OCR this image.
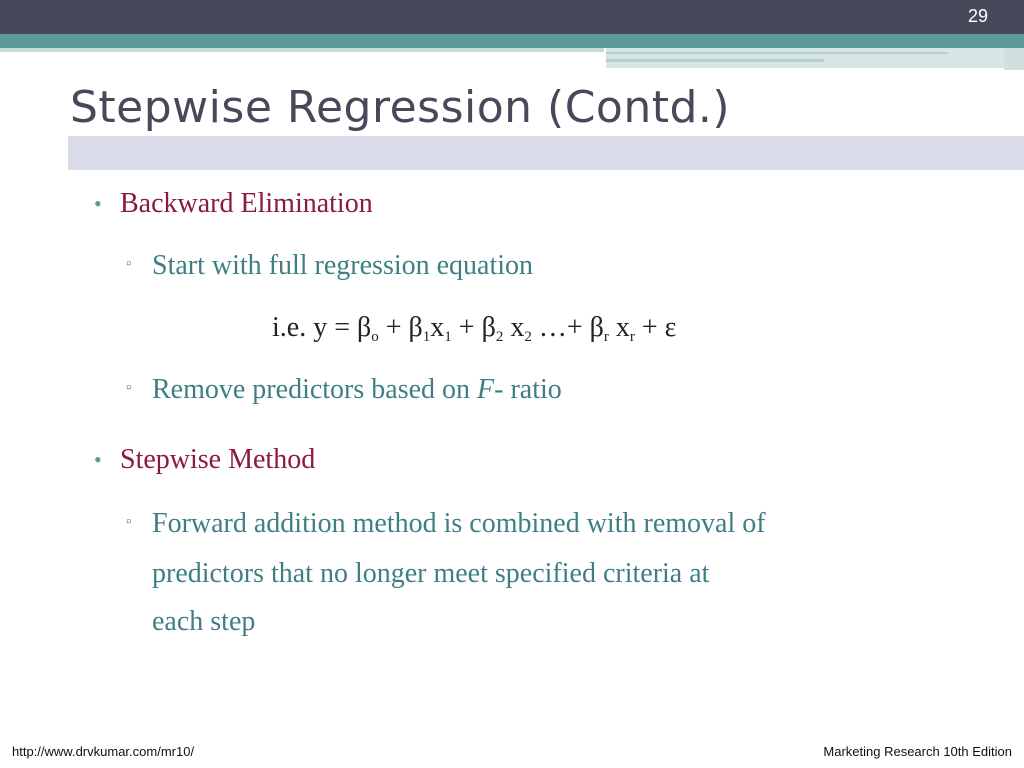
29
Stepwise Regression (Contd.)
• Backward Elimination
▫ Start with full regression equation
i.e. $y = \beta_o + \beta_1x_1 + \beta_2$ $x_2$ …+ $\beta_r$ $x_r + \varepsilon$
▫ Remove predictors based on F- ratio
• Stepwise Method
▫ Forward addition method is combined with removal of
predictors that no longer meet specified criteria at
each step
http://www.drvkumar.com/mr10/	Marketing Research 10th Edition
